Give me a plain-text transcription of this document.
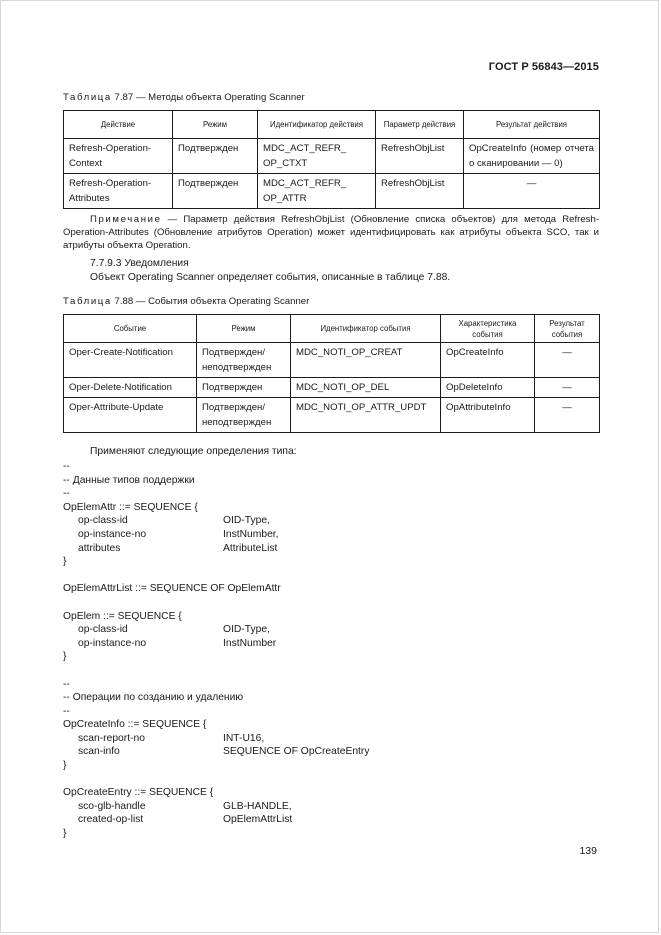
ГОСТ Р 56843—2015
Таблица 7.87 — Методы объекта Operating Scanner
Действие	Режим	Идентификатор действия	Параметр действия	Результат действия
Refresh-Operation-Context	Подтвержден	MDC_ACT_REFR_ OP_CTXT	RefreshObjList	OpCreateInfo (номер отчета о сканировании — 0)
Refresh-Operation-Attributes	Подтвержден	MDC_ACT_REFR_ OP_ATTR	RefreshObjList	—
Примечание — Параметр действия RefreshObjList (Обновление списка объектов) для метода Refresh-Operation-Attributes (Обновление атрибутов Operation) может идентифицировать как атрибуты объекта SCO, так и атрибуты объекта Operation.
7.7.9.3 Уведомления
Объект Operating Scanner определяет события, описанные в таблице 7.88.
Таблица 7.88 — События объекта Operating Scanner
Событие	Режим	Идентификатор события	Характеристика события	Результат события
Oper-Create-Notification	Подтвержден/ неподтвержден	MDC_NOTI_OP_CREAT	OpCreateInfo	—
Oper-Delete-Notification	Подтвержден	MDC_NOTI_OP_DEL	OpDeleteInfo	—
Oper-Attribute-Update	Подтвержден/ неподтвержден	MDC_NOTI_OP_ATTR_UPDT	OpAttributeInfo	—
Применяют следующие определения типа:
--
-- Данные типов поддержки
--
OpElemAttr ::= SEQUENCE {
op-class-id	OID-Type,
op-instance-no	InstNumber,
attributes	AttributeList
}
OpElemAttrList ::= SEQUENCE OF OpElemAttr
OpElem ::= SEQUENCE {
op-class-id	OID-Type,
op-instance-no	InstNumber
}
--
-- Операции по созданию и удалению
--
OpCreateInfo ::= SEQUENCE {
scan-report-no	INT-U16,
scan-info	SEQUENCE OF OpCreateEntry
}
OpCreateEntry ::= SEQUENCE {
sco-glb-handle	GLB-HANDLE,
created-op-list	OpElemAttrList
}
139
